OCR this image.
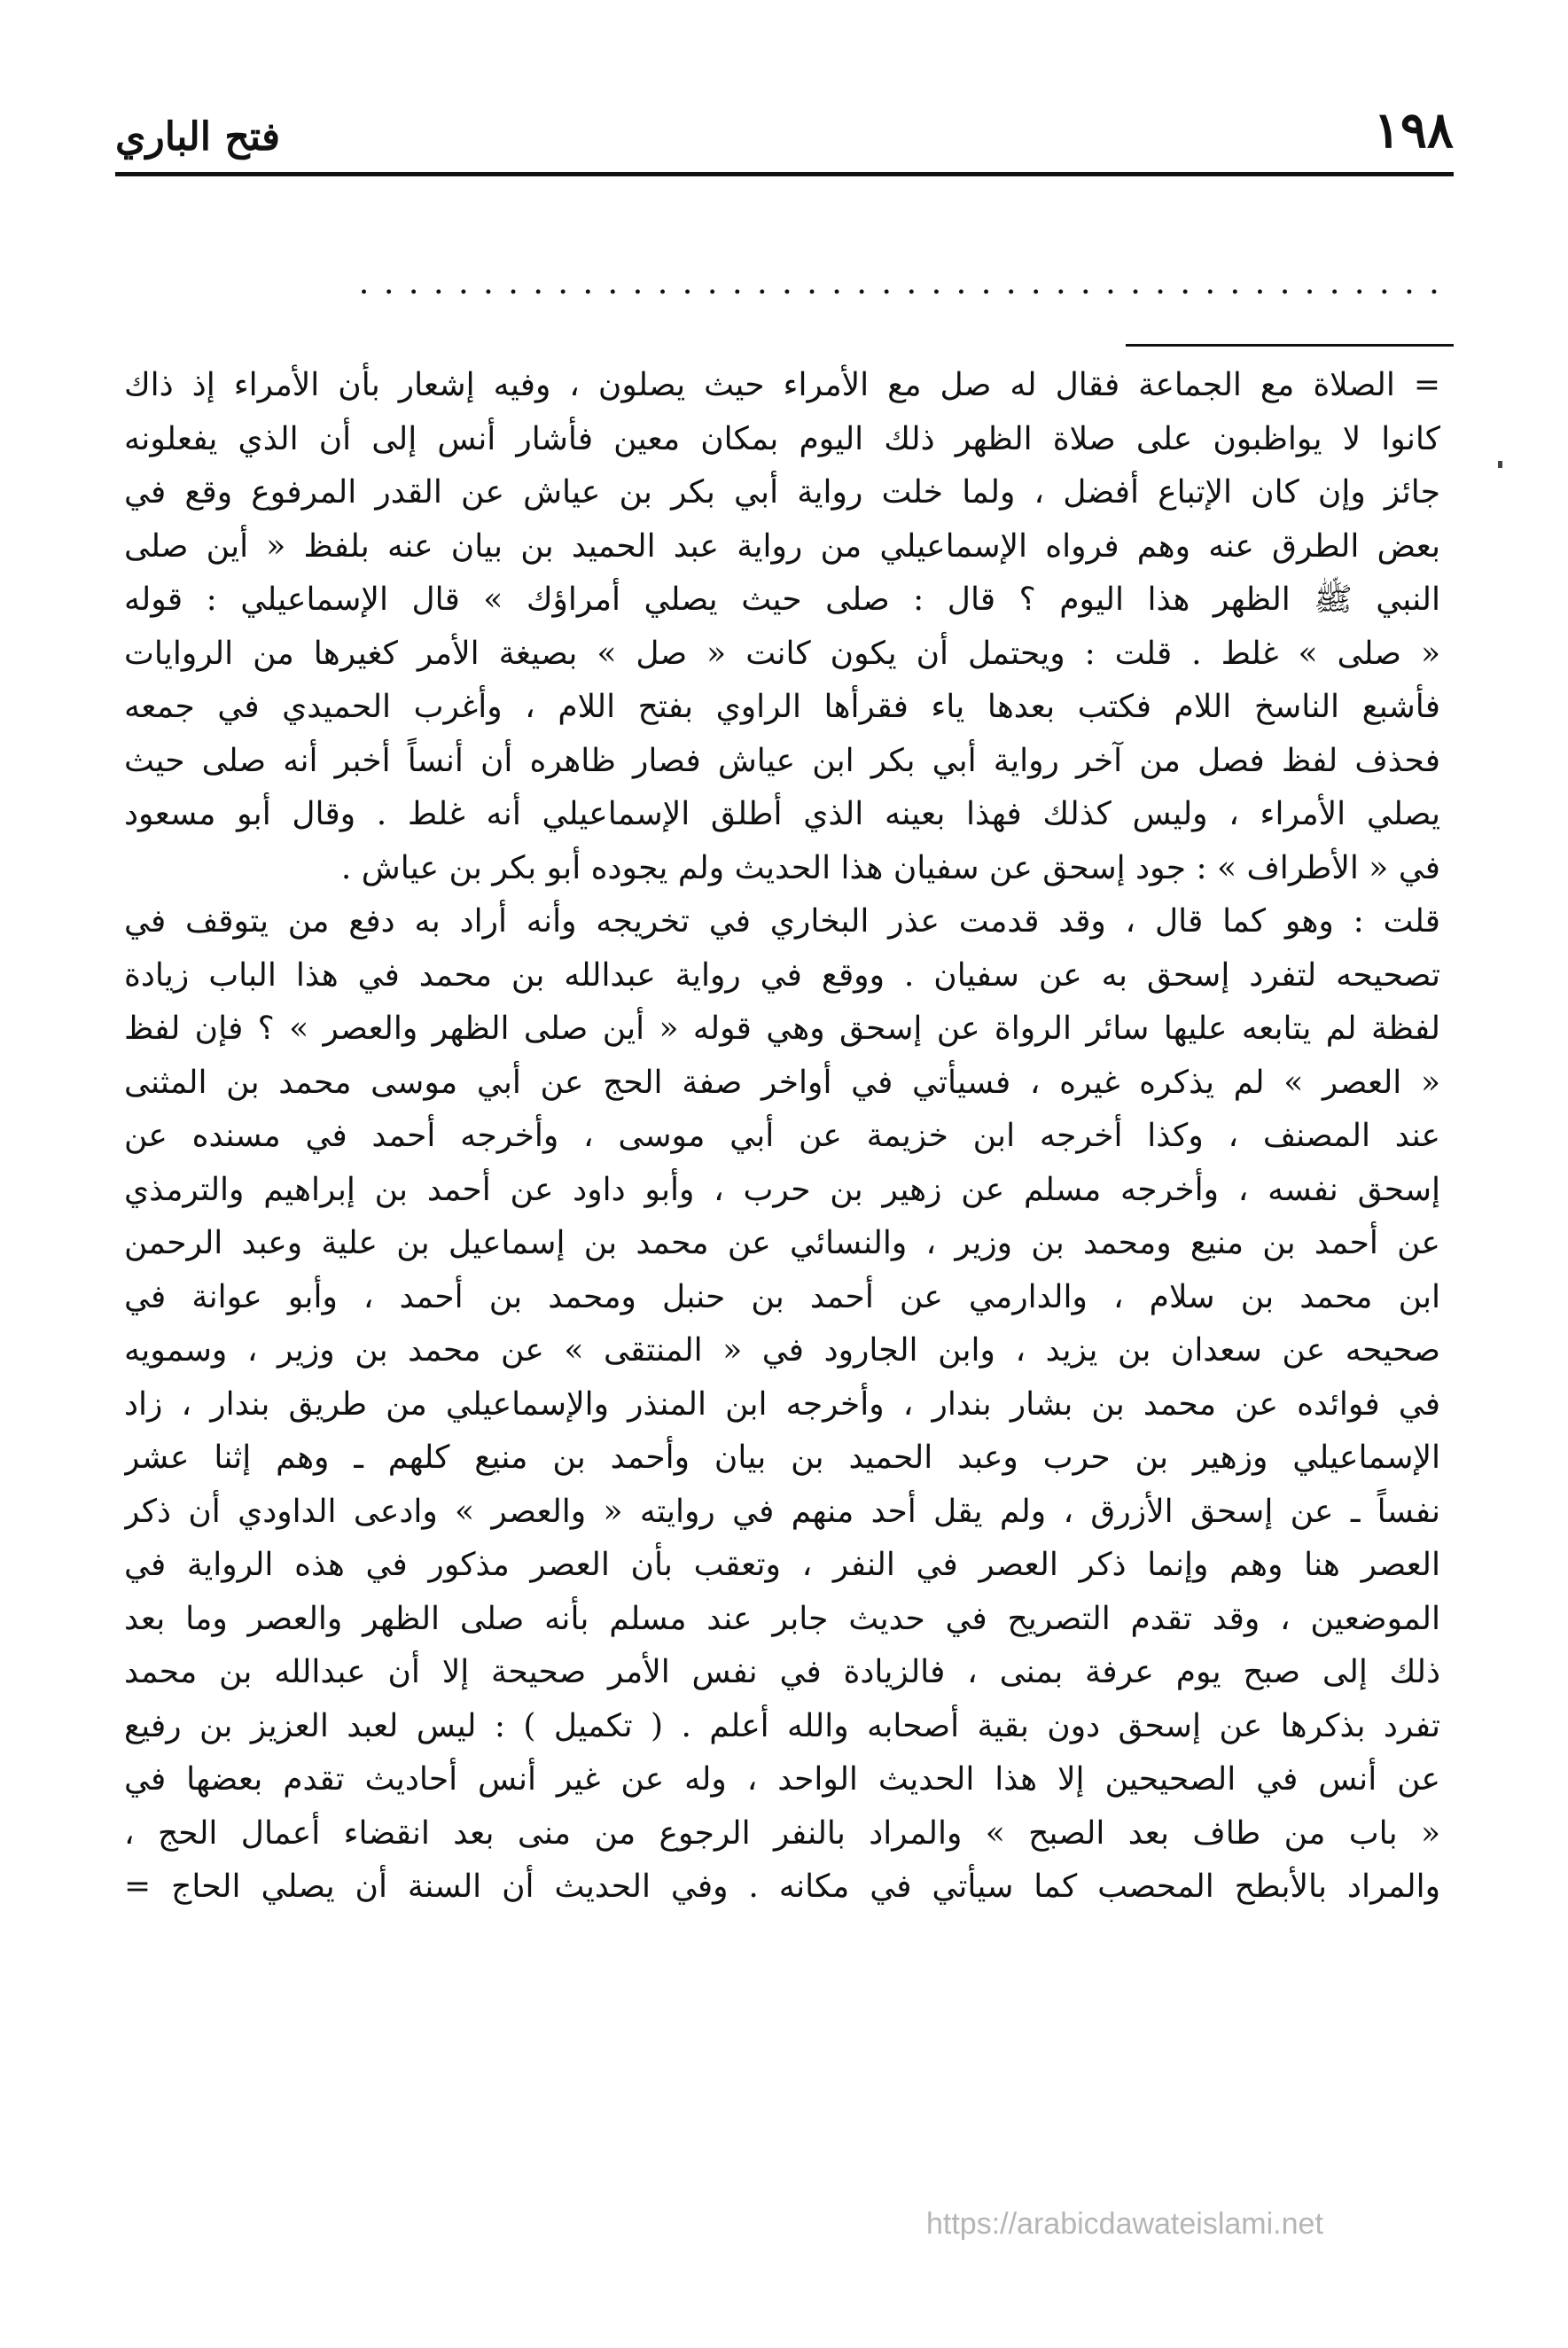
فتح الباري	١٩٨
............................................
= الصلاة مع الجماعة فقال له صل مع الأمراء حيث يصلون ، وفيه إشعار بأن الأمراء إذ ذاك
كانوا لا يواظبون على صلاة الظهر ذلك اليوم بمكان معين فأشار أنس إلى أن الذي يفعلونه
جائز وإن كان الإتباع أفضل ، ولما خلت رواية أبي بكر بن عياش عن القدر المرفوع وقع في
بعض الطرق عنه وهم فرواه الإسماعيلي من رواية عبد الحميد بن بيان عنه بلفظ « أين صلى
النبي ﷺ الظهر هذا اليوم ؟ قال : صلى حيث يصلي أمراؤك » قال الإسماعيلي : قوله
« صلى » غلط . قلت : ويحتمل أن يكون كانت « صل » بصيغة الأمر كغيرها من الروايات
فأشبع الناسخ اللام فكتب بعدها ياء فقرأها الراوي بفتح اللام ، وأغرب الحميدي في جمعه
فحذف لفظ فصل من آخر رواية أبي بكر ابن عياش فصار ظاهره أن أنساً أخبر أنه صلى حيث
يصلي الأمراء ، وليس كذلك فهذا بعينه الذي أطلق الإسماعيلي أنه غلط . وقال أبو مسعود
في « الأطراف » : جود إسحق عن سفيان هذا الحديث ولم يجوده أبو بكر بن عياش .
قلت : وهو كما قال ، وقد قدمت عذر البخاري في تخريجه وأنه أراد به دفع من يتوقف في
تصحيحه لتفرد إسحق به عن سفيان . ووقع في رواية عبدالله بن محمد في هذا الباب زيادة
لفظة لم يتابعه عليها سائر الرواة عن إسحق وهي قوله « أين صلى الظهر والعصر » ؟ فإن لفظ
« العصر » لم يذكره غيره ، فسيأتي في أواخر صفة الحج عن أبي موسى محمد بن المثنى
عند المصنف ، وكذا أخرجه ابن خزيمة عن أبي موسى ، وأخرجه أحمد في مسنده عن
إسحق نفسه ، وأخرجه مسلم عن زهير بن حرب ، وأبو داود عن أحمد بن إبراهيم والترمذي
عن أحمد بن منيع ومحمد بن وزير ، والنسائي عن محمد بن إسماعيل بن علية وعبد الرحمن
ابن محمد بن سلام ، والدارمي عن أحمد بن حنبل ومحمد بن أحمد ، وأبو عوانة في
صحيحه عن سعدان بن يزيد ، وابن الجارود في « المنتقى » عن محمد بن وزير ، وسمويه
في فوائده عن محمد بن بشار بندار ، وأخرجه ابن المنذر والإسماعيلي من طريق بندار ، زاد
الإسماعيلي وزهير بن حرب وعبد الحميد بن بيان وأحمد بن منيع كلهم ـ وهم إثنا عشر
نفساً ـ عن إسحق الأزرق ، ولم يقل أحد منهم في روايته « والعصر » وادعى الداودي أن ذكر
العصر هنا وهم وإنما ذكر العصر في النفر ، وتعقب بأن العصر مذكور في هذه الرواية في
الموضعين ، وقد تقدم التصريح في حديث جابر عند مسلم بأنه صلى الظهر والعصر وما بعد
ذلك إلى صبح يوم عرفة بمنى ، فالزيادة في نفس الأمر صحيحة إلا أن عبدالله بن محمد
تفرد بذكرها عن إسحق دون بقية أصحابه والله أعلم . ( تكميل ) : ليس لعبد العزيز بن رفيع
عن أنس في الصحيحين إلا هذا الحديث الواحد ، وله عن غير أنس أحاديث تقدم بعضها في
« باب من طاف بعد الصبح » والمراد بالنفر الرجوع من منى بعد انقضاء أعمال الحج ،
والمراد بالأبطح المحصب كما سيأتي في مكانه . وفي الحديث أن السنة أن يصلي الحاج =
https://arabicdawateislami.net
